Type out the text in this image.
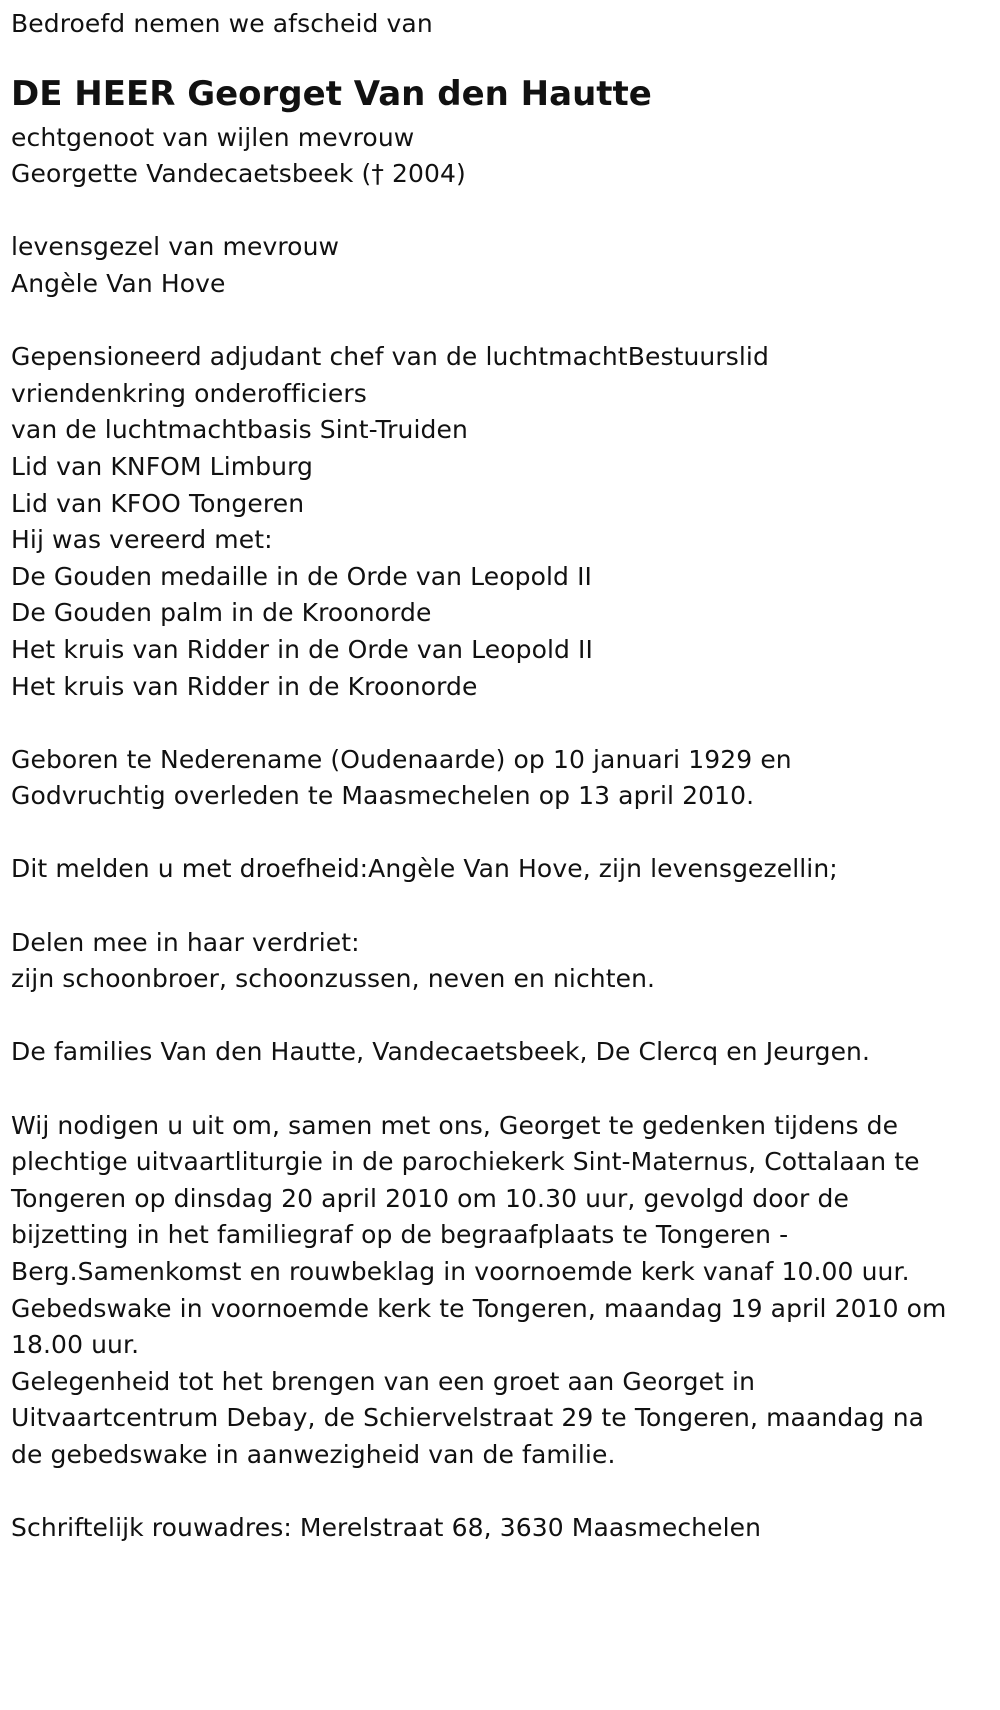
Bedroefd nemen we afscheid van
DE HEER Georget Van den Hautte
echtgenoot van wijlen mevrouw
Georgette Vandecaetsbeek († 2004)
levensgezel van mevrouw
Angèle Van Hove
Gepensioneerd adjudant chef van de luchtmachtBestuurslid
vriendenkring onderofficiers
van de luchtmachtbasis Sint-Truiden
Lid van KNFOM Limburg
Lid van KFOO Tongeren
Hij was vereerd met:
De Gouden medaille in de Orde van Leopold II
De Gouden palm in de Kroonorde
Het kruis van Ridder in de Orde van Leopold II
Het kruis van Ridder in de Kroonorde
Geboren te Nederename (Oudenaarde) op 10 januari 1929 en
Godvruchtig overleden te Maasmechelen op 13 april 2010.
Dit melden u met droefheid:Angèle Van Hove, zijn levensgezellin;
Delen mee in haar verdriet:
zijn schoonbroer, schoonzussen, neven en nichten.
De families Van den Hautte, Vandecaetsbeek, De Clercq en Jeurgen.
Wij nodigen u uit om, samen met ons, Georget te gedenken tijdens de
plechtige uitvaartliturgie in de parochiekerk Sint-Maternus, Cottalaan te
Tongeren op dinsdag 20 april 2010 om 10.30 uur, gevolgd door de
bijzetting in het familiegraf op de begraafplaats te Tongeren -
Berg.Samenkomst en rouwbeklag in voornoemde kerk vanaf 10.00 uur.
Gebedswake in voornoemde kerk te Tongeren, maandag 19 april 2010 om
18.00 uur.
Gelegenheid tot het brengen van een groet aan Georget in
Uitvaartcentrum Debay, de Schiervelstraat 29 te Tongeren, maandag na
de gebedswake in aanwezigheid van de familie.
Schriftelijk rouwadres: Merelstraat 68, 3630 Maasmechelen
